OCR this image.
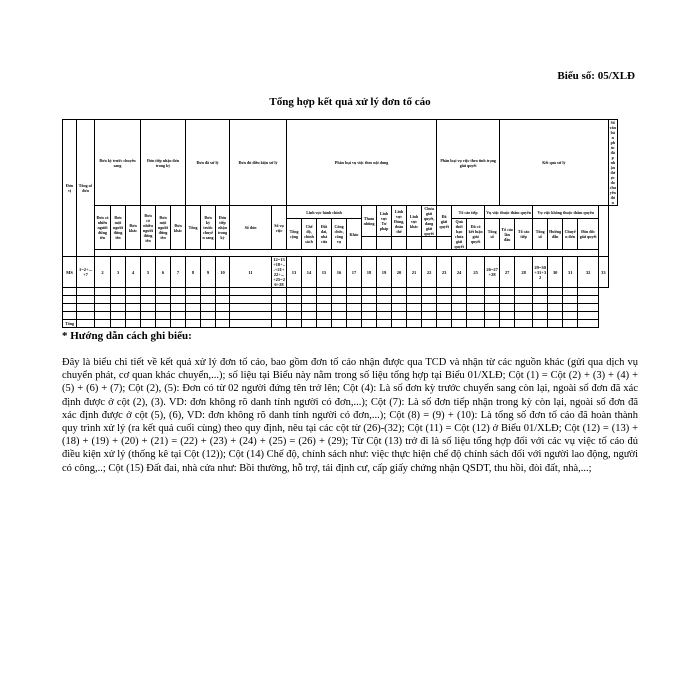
Biểu số: 05/XLĐ
Tổng hợp kết quả xử lý đơn tố cáo
Đơn vị	Tổng số đơn	Đơn kỳ trước chuyển sang			Đơn tiếp nhận đơn trong kỳ			Đơn đã xử lý			Đơn đủ điều kiện xử lý		Phân loại vụ việc theo nội dung										Phân loại vụ việc theo tình trạng giải quyết				Kết quả xử lý							Số văn bản phúc đáp nhận được do chuyển đơn

		Đơn có nhiều người đứng tên	Đơn một người đứng tên	Đơn khác	Đơn có nhiều người đứng tên	Đơn một người đứng tên	Đơn khác	Tổng	Đơn kỳ trước chuyển sang	Đơn tiếp nhận trong kỳ	Số đơn	Số vụ việc	Lĩnh vực hành chính					Tham nhũng	Lĩnh vực Tư pháp	Lĩnh vực Đảng, đoàn thể	Lĩnh vực khác	Chưa giải quyết, đang giải quyết	Đã giải quyết	Tố cáo tiếp		Vụ việc thuộc thẩm quyền			Vụ việc không thuộc thẩm quyền					
													Tổng cộng	Chế độ, chính sách	Đất đai, nhà cửa	Công chức, công vụ	Khác							Quá thời hạn chưa giải quyết	Đã có kết luận giải quyết	Tổng số	Tố cáo lần đầu	Tố cáo tiếp	Tổng số	Hướng dẫn	Chuyển đơn	Đôn đốc giải quyết		

MS	1=2+...+7	2	3	4	5	6	7	8	9	10	11	12=13+18+...+21+22+...+25=26+28	13	14	15	16	17	18	19	20	21	22	23	24	25	26=27+28	27	28	29=30+31+32	30	31	32	33	

Tổng																																		
* Hướng dẫn cách ghi biểu:
Đây là biểu chi tiết về kết quả xử lý đơn tố cáo, bao gồm đơn tố cáo nhận được qua TCD và nhận từ các nguồn khác (gửi qua dịch vụ chuyển phát, cơ quan khác chuyển,...); số liệu tại Biểu này nằm trong số liệu tổng hợp tại Biểu 01/XLĐ; Cột (1) = Cột (2) + (3) + (4) + (5) + (6) + (7); Cột (2), (5): Đơn có từ 02 người đứng tên trở lên; Cột (4): Là số đơn kỳ trước chuyển sang còn lại, ngoài số đơn đã xác định được ở cột (2), (3). VD: đơn không rõ danh tính người có đơn,...); Cột (7): Là số đơn tiếp nhận trong kỳ còn lại, ngoài số đơn đã xác định được ở cột (5), (6), VD: đơn không rõ danh tính người có đơn,...); Cột (8) = (9) + (10): Là tổng số đơn tố cáo đã hoàn thành quy trình xử lý (ra kết quả cuối cùng) theo quy định, nêu tại các cột từ (26)-(32); Cột (11) = Cột (12) ở Biểu 01/XLĐ; Cột (12) = (13) + (18) + (19) + (20) + (21) = (22) + (23) + (24) + (25) = (26) + (29); Từ Cột (13) trở đi là số liệu tổng hợp đối với các vụ việc tố cáo đủ điều kiện xử lý (thống kê tại Cột (12)); Cột (14) Chế độ, chính sách như: việc thực hiện chế độ chính sách đối với người lao động, người có công,..; Cột (15) Đất đai, nhà cửa như: Bồi thường, hỗ trợ, tái định cư, cấp giấy chứng nhận QSDT, thu hồi, đòi đất, nhà,...;
